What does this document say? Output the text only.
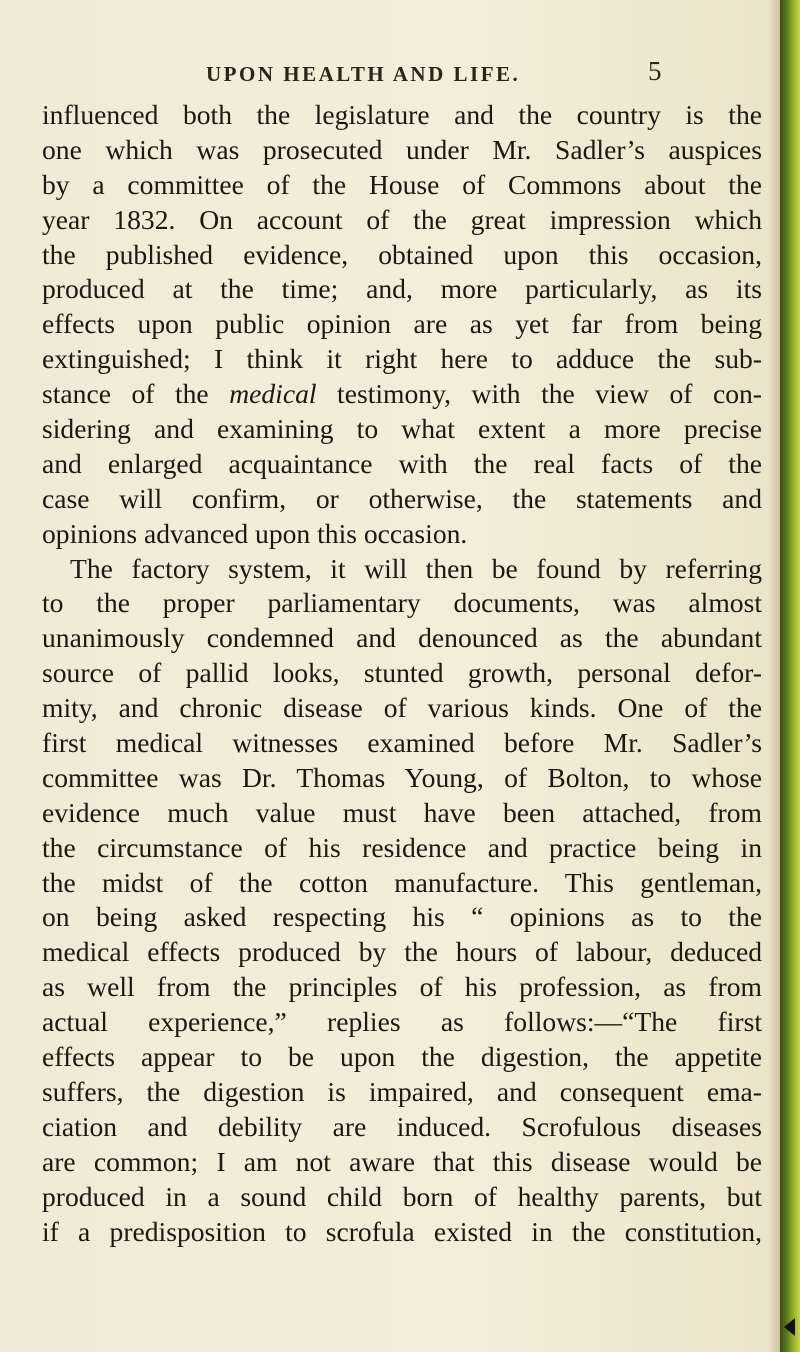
UPON HEALTH AND LIFE.	5
influenced both the legislature and the country is the
one which was prosecuted under Mr. Sadler’s auspices
by a committee of the House of Commons about the
year 1832. On account of the great impression which
the published evidence, obtained upon this occasion,
produced at the time; and, more particularly, as its
effects upon public opinion are as yet far from being
extinguished; I think it right here to adduce the sub-
stance of the medical testimony, with the view of con-
sidering and examining to what extent a more precise
and enlarged acquaintance with the real facts of the
case will confirm, or otherwise, the statements and
opinions advanced upon this occasion.
The factory system, it will then be found by referring
to the proper parliamentary documents, was almost
unanimously condemned and denounced as the abundant
source of pallid looks, stunted growth, personal defor-
mity, and chronic disease of various kinds. One of the
first medical witnesses examined before Mr. Sadler’s
committee was Dr. Thomas Young, of Bolton, to whose
evidence much value must have been attached, from
the circumstance of his residence and practice being in
the midst of the cotton manufacture. This gentleman,
on being asked respecting his “ opinions as to the
medical effects produced by the hours of labour, deduced
as well from the principles of his profession, as from
actual experience,” replies as follows:—“The first
effects appear to be upon the digestion, the appetite
suffers, the digestion is impaired, and consequent ema-
ciation and debility are induced. Scrofulous diseases
are common; I am not aware that this disease would be
produced in a sound child born of healthy parents, but
if a predisposition to scrofula existed in the constitution,
